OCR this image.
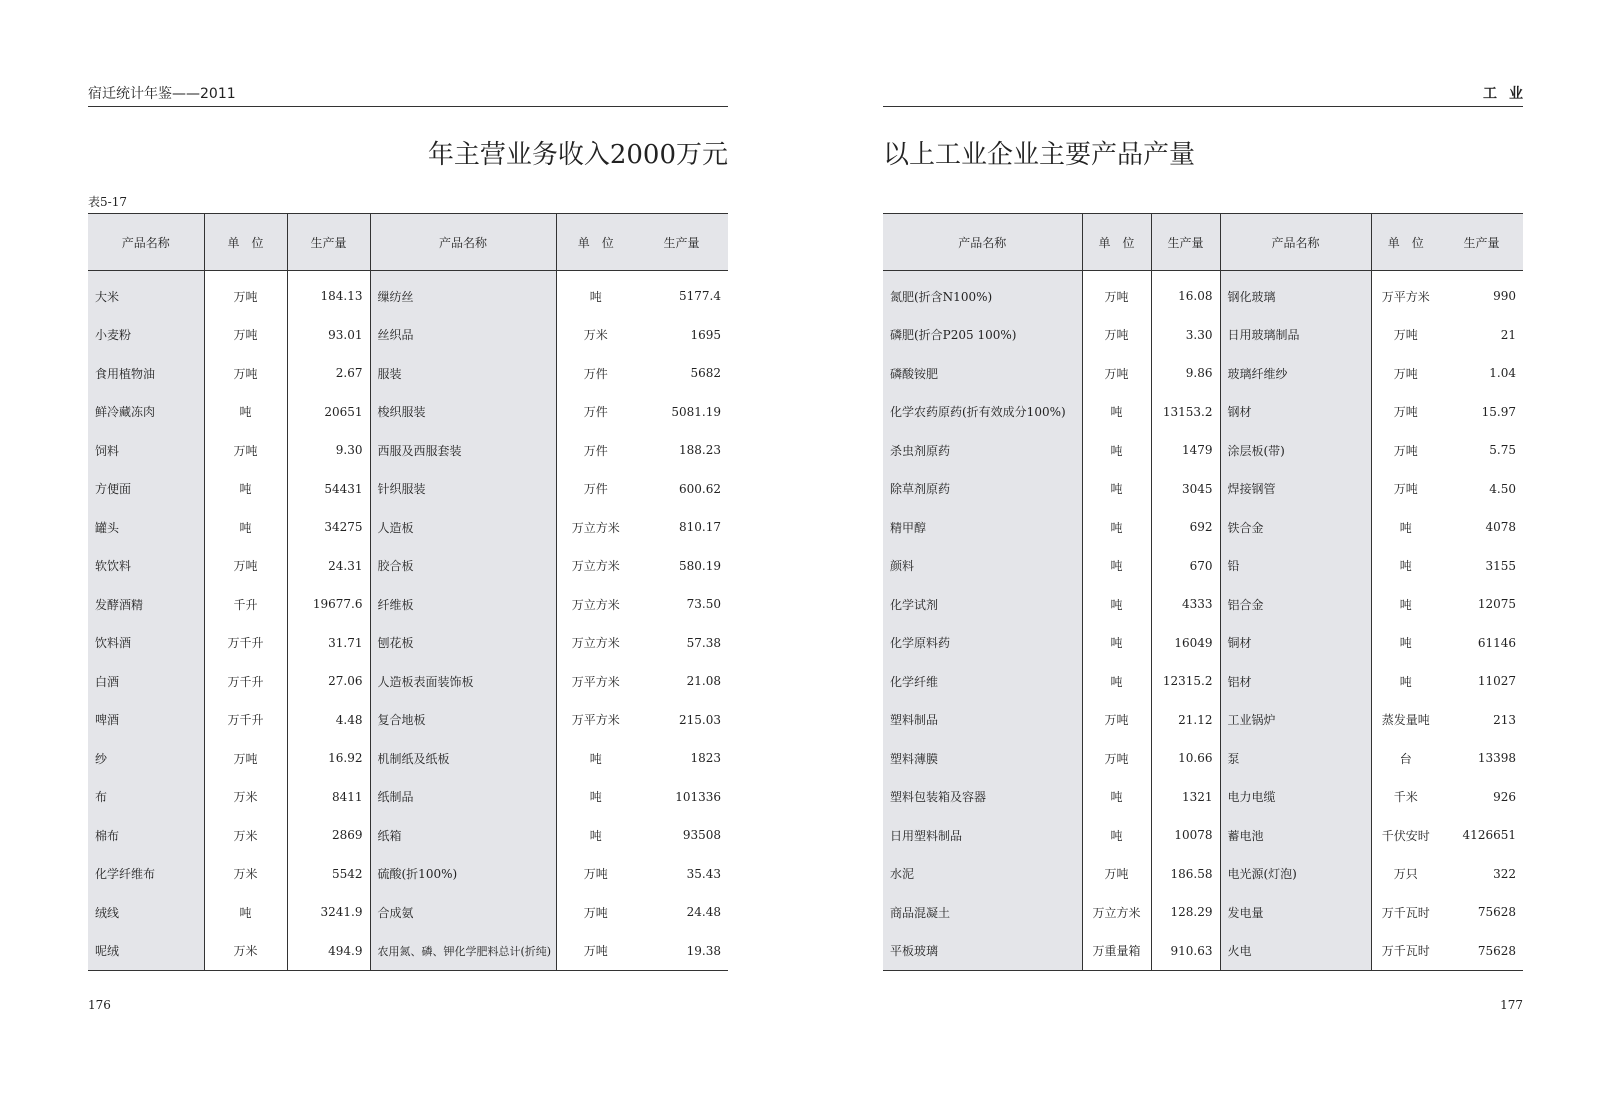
宿迁统计年鉴——2011
年主营业务收入2000万元
表5-17
产品名称	单　位	生产量	产品名称	单　位	生产量
大米	万吨	184.13	缫纺丝	吨	5177.4
小麦粉	万吨	93.01	丝织品	万米	1695
食用植物油	万吨	2.67	服装	万件	5682
鲜冷藏冻肉	吨	20651	梭织服装	万件	5081.19
饲料	万吨	9.30	西服及西服套装	万件	188.23
方便面	吨	54431	针织服装	万件	600.62
罐头	吨	34275	人造板	万立方米	810.17
软饮料	万吨	24.31	胶合板	万立方米	580.19
发酵酒精	千升	19677.6	纤维板	万立方米	73.50
饮料酒	万千升	31.71	刨花板	万立方米	57.38
白酒	万千升	27.06	人造板表面装饰板	万平方米	21.08
啤酒	万千升	4.48	复合地板	万平方米	215.03
纱	万吨	16.92	机制纸及纸板	吨	1823
布	万米	8411	纸制品	吨	101336
棉布	万米	2869	纸箱	吨	93508
化学纤维布	万米	5542	硫酸(折100%)	万吨	35.43
绒线	吨	3241.9	合成氨	万吨	24.48
呢绒	万米	494.9	农用氮、磷、钾化学肥料总计(折纯)	万吨	19.38
176
工业
以上工业企业主要产品产量
产品名称	单　位	生产量	产品名称	单　位	生产量
氮肥(折含N100%)	万吨	16.08	钢化玻璃	万平方米	990
磷肥(折合P205 100%)	万吨	3.30	日用玻璃制品	万吨	21
磷酸铵肥	万吨	9.86	玻璃纤维纱	万吨	1.04
化学农药原药(折有效成分100%)	吨	13153.2	钢材	万吨	15.97
杀虫剂原药	吨	1479	涂层板(带)	万吨	5.75
除草剂原药	吨	3045	焊接钢管	万吨	4.50
精甲醇	吨	692	铁合金	吨	4078
颜料	吨	670	铅	吨	3155
化学试剂	吨	4333	铝合金	吨	12075
化学原料药	吨	16049	铜材	吨	61146
化学纤维	吨	12315.2	铝材	吨	11027
塑料制品	万吨	21.12	工业锅炉	蒸发量吨	213
塑料薄膜	万吨	10.66	泵	台	13398
塑料包装箱及容器	吨	1321	电力电缆	千米	926
日用塑料制品	吨	10078	蓄电池	千伏安时	4126651
水泥	万吨	186.58	电光源(灯泡)	万只	322
商品混凝土	万立方米	128.29	发电量	万千瓦时	75628
平板玻璃	万重量箱	910.63	火电	万千瓦时	75628
177
